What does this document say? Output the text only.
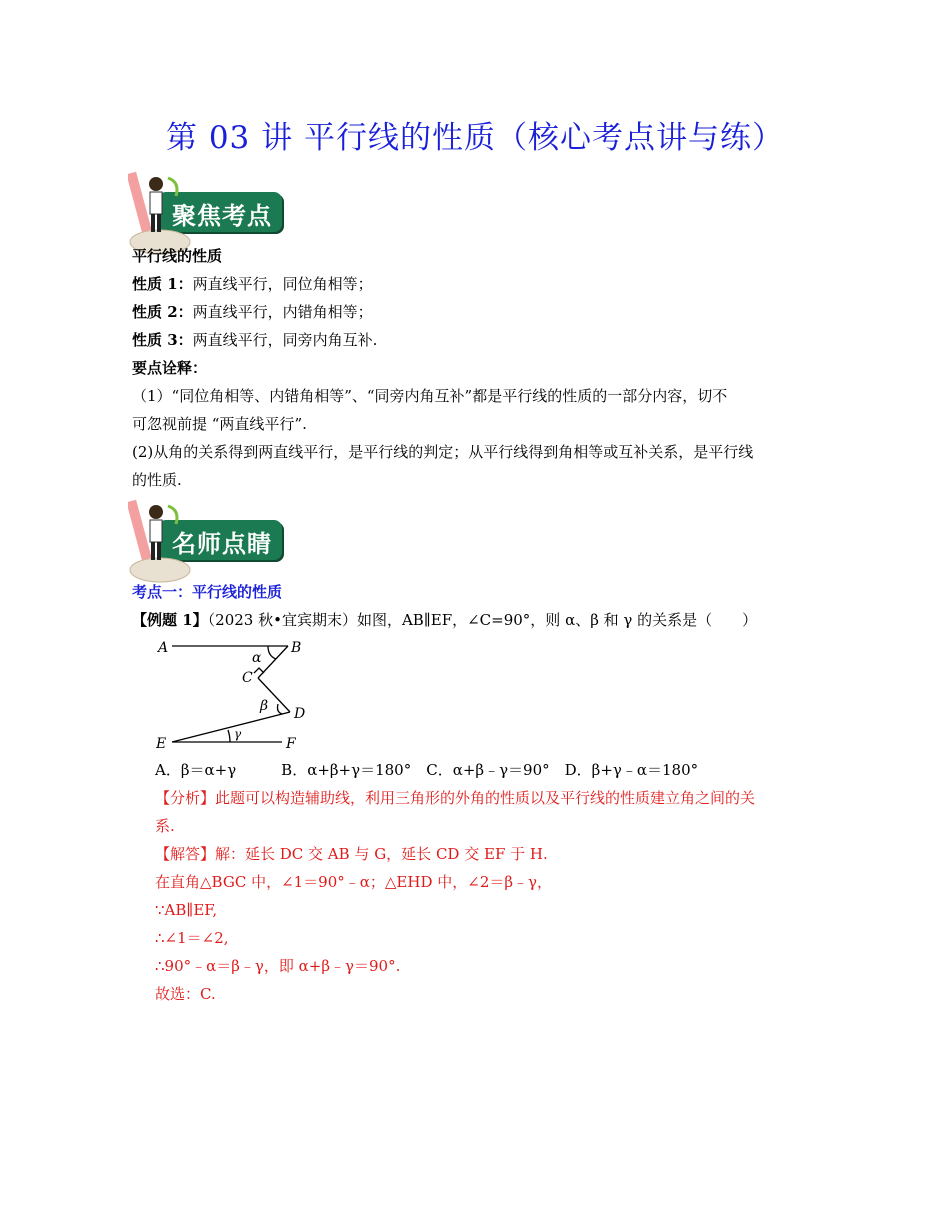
第 03 讲 平行线的性质（核心考点讲与练）
聚焦考点
平行线的性质
性质 1：两直线平行，同位角相等；
性质 2：两直线平行，内错角相等；
性质 3：两直线平行，同旁内角互补.
要点诠释：
（1）“同位角相等、内错角相等”、“同旁内角互补”都是平行线的性质的一部分内容，切不
可忽视前提 “两直线平行”.
(2)从角的关系得到两直线平行，是平行线的判定；从平行线得到角相等或互补关系，是平行线
的性质.
名师点睛
考点一：平行线的性质
【例题 1】（2023 秋•宜宾期末）如图，AB∥EF，∠C=90°，则 α、β 和 γ 的关系是（　　）
A	B
C
D
E	F
α
β
γ
A．β＝α+γ　　　B．α+β+γ＝180°　C．α+β﹣γ＝90°　D．β+γ﹣α＝180°
【分析】此题可以构造辅助线，利用三角形的外角的性质以及平行线的性质建立角之间的关
系.
【解答】解：延长 DC 交 AB 与 G，延长 CD 交 EF 于 H.
在直角△BGC 中，∠1＝90°﹣α；△EHD 中，∠2＝β﹣γ，
∵AB∥EF,
∴∠1＝∠2,
∴90°﹣α＝β﹣γ，即 α+β﹣γ＝90°.
故选：C.
